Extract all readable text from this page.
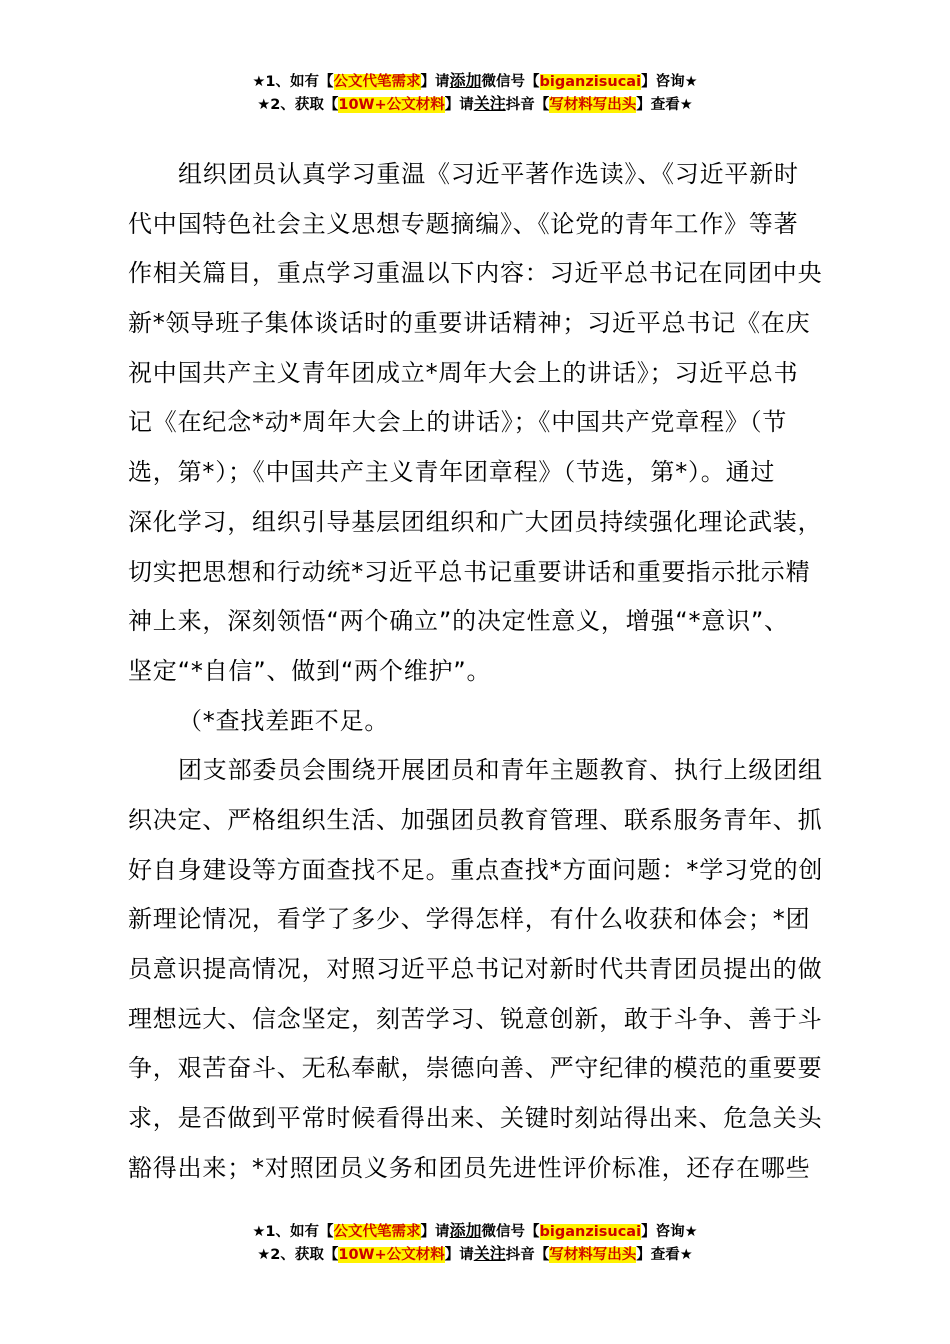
★1、如有【公文代笔需求】请添加微信号【biganzisucai】咨询★
★2、获取【10W+公文材料】请关注抖音【写材料写出头】查看★
组织团员认真学习重温《习近平著作选读》、《习近平新时
代中国特色社会主义思想专题摘编》、《论党的青年工作》等著
作相关篇目，重点学习重温以下内容：习近平总书记在同团中央
新*领导班子集体谈话时的重要讲话精神；习近平总书记《在庆
祝中国共产主义青年团成立*周年大会上的讲话》；习近平总书
记《在纪念*动*周年大会上的讲话》；《中国共产党章程》（节
选，第*）；《中国共产主义青年团章程》（节选，第*）。通过
深化学习，组织引导基层团组织和广大团员持续强化理论武装，
切实把思想和行动统*习近平总书记重要讲话和重要指示批示精
神上来，深刻领悟“两个确立”的决定性意义，增强“*意识”、
坚定“*自信”、做到“两个维护”。
（*查找差距不足。
团支部委员会围绕开展团员和青年主题教育、执行上级团组
织决定、严格组织生活、加强团员教育管理、联系服务青年、抓
好自身建设等方面查找不足。重点查找*方面问题：*学习党的创
新理论情况，看学了多少、学得怎样，有什么收获和体会；*团
员意识提高情况，对照习近平总书记对新时代共青团员提出的做
理想远大、信念坚定，刻苦学习、锐意创新，敢于斗争、善于斗
争，艰苦奋斗、无私奉献，崇德向善、严守纪律的模范的重要要
求，是否做到平常时候看得出来、关键时刻站得出来、危急关头
豁得出来；*对照团员义务和团员先进性评价标准，还存在哪些
★1、如有【公文代笔需求】请添加微信号【biganzisucai】咨询★
★2、获取【10W+公文材料】请关注抖音【写材料写出头】查看★
